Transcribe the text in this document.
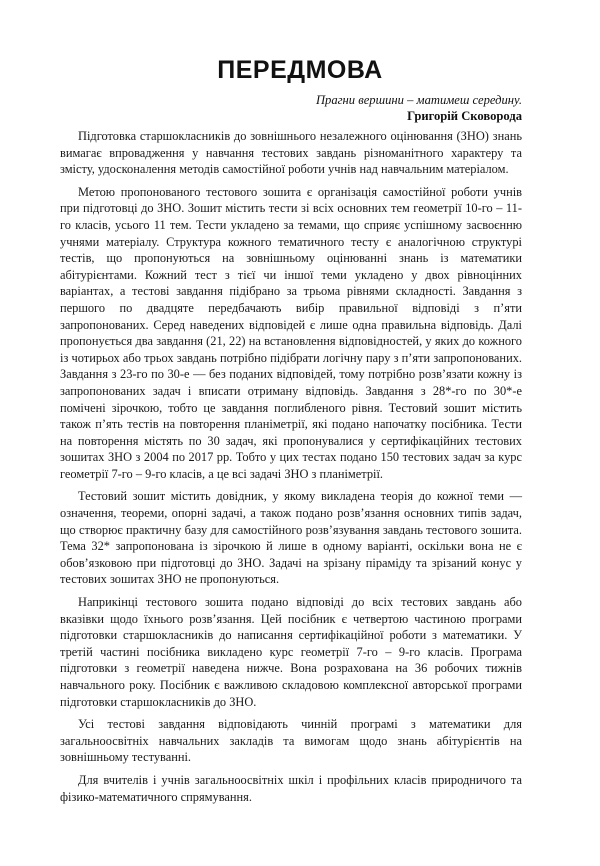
ПЕРЕДМОВА
Прагни вершини – матимеш середину.
Григорій Сковорода

Підготовка старшокласників до зовнішнього незалежного оцінювання (ЗНО) знань вимагає впровадження у навчання тестових завдань різноманітного характеру та змісту, удосконалення методів самостійної роботи учнів над навчальним матеріалом.

Метою пропонованого тестового зошита є організація самостійної роботи учнів при підготовці до ЗНО. Зошит містить тести зі всіх основних тем геометрії 10-го – 11-го класів, усього 11 тем. Тести укладено за темами, що сприяє успішному засвоєнню учнями матеріалу. Структура кожного тематичного тесту є аналогічною структурі тестів, що пропонуються на зовнішньому оцінюванні знань із математики абітурієнтами. Кожний тест з тієї чи іншої теми укладено у двох рівноцінних варіантах, а тестові завдання підібрано за трьома рівнями складності. Завдання з першого по двадцяте передбачають вибір правильної відповіді з п’яти запропонованих. Серед наведених відповідей є лише одна правильна відповідь. Далі пропонується два завдання (21, 22) на встановлення відповідностей, у яких до кожного із чотирьох або трьох завдань потрібно підібрати логічну пару з п’яти запропонованих. Завдання з 23-го по 30-е — без поданих відповідей, тому потрібно розв’язати кожну із запропонованих задач і вписати отриману відповідь. Завдання з 28*-го по 30*-е помічені зірочкою, тобто це завдання поглибленого рівня. Тестовий зошит містить також п’ять тестів на повторення планіметрії, які подано напочатку посібника. Тести на повторення містять по 30 задач, які пропонувалися у сертифікаційних тестових зошитах ЗНО з 2004 по 2017 рр. Тобто у цих тестах подано 150 тестових задач за курс геометрії 7-го – 9-го класів, а це всі задачі ЗНО з планіметрії.

Тестовий зошит містить довідник, у якому викладена теорія до кожної теми — означення, теореми, опорні задачі, а також подано розв’язання основних типів задач, що створює практичну базу для самостійного розв’язування завдань тестового зошита. Тема 32* запропонована із зірочкою й лише в одному варіанті, оскільки вона не є обов’язковою при підготовці до ЗНО. Задачі на зрізану піраміду та зрізаний конус у тестових зошитах ЗНО не пропонуються.

Наприкінці тестового зошита подано відповіді до всіх тестових завдань або вказівки щодо їхнього розв’язання. Цей посібник є четвертою частиною програми підготовки старшокласників до написання сертифікаційної роботи з математики. У третій частині посібника викладено курс геометрії 7-го – 9-го класів. Програма підготовки з геометрії наведена нижче. Вона розрахована на 36 робочих тижнів навчального року. Посібник є важливою складовою комплексної авторської програми підготовки старшокласників до ЗНО.

Усі тестові завдання відповідають чинній програмі з математики для загальноосвітніх навчальних закладів та вимогам щодо знань абітурієнтів на зовнішньому тестуванні.

Для вчителів і учнів загальноосвітніх шкіл і профільних класів природничого та фізико-математичного спрямування.
